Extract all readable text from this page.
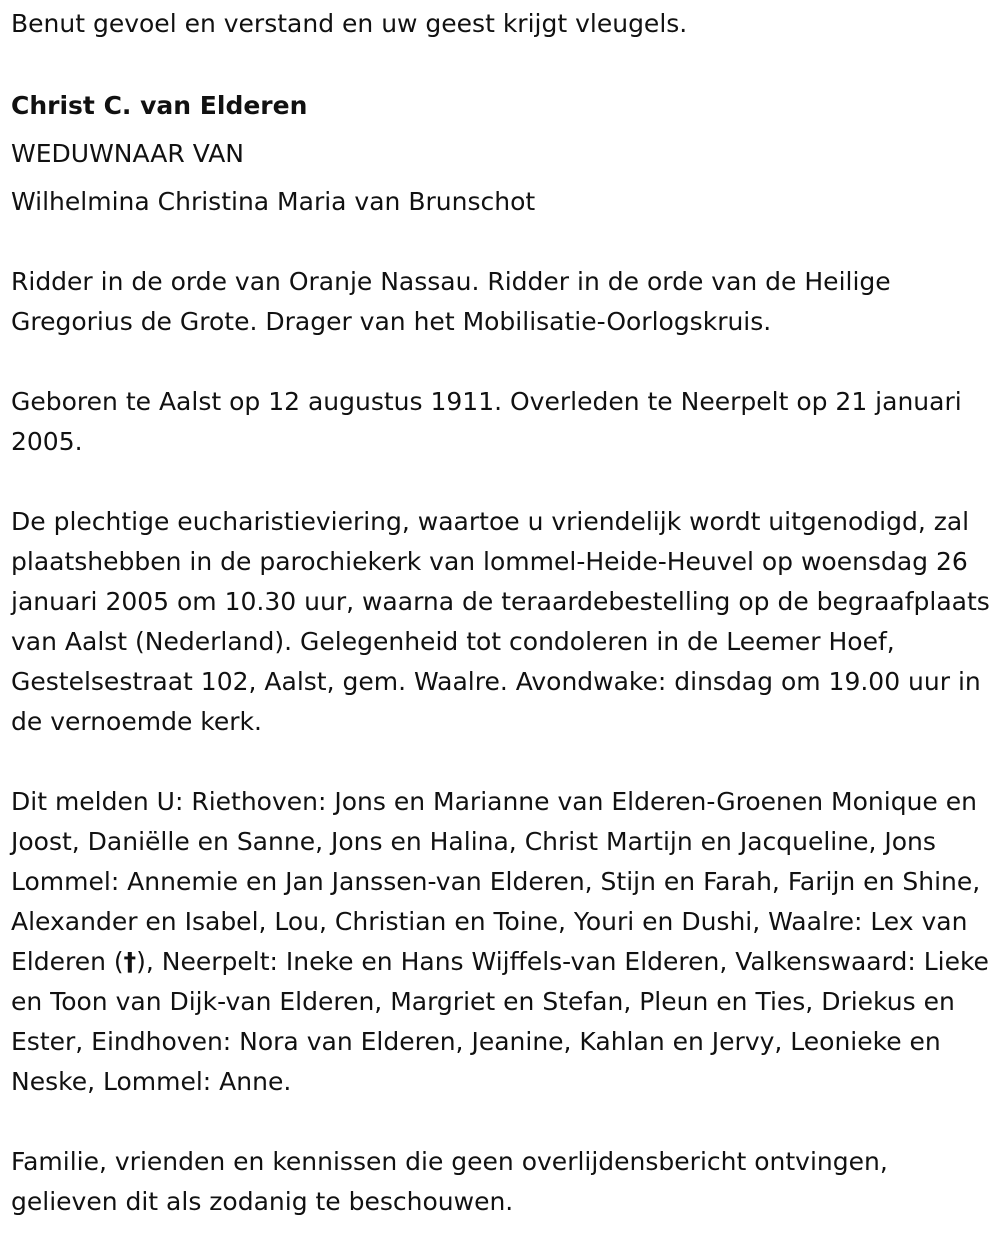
Benut gevoel en verstand en uw geest krijgt vleugels.

Christ C. van Elderen

WEDUWNAAR VAN

Wilhelmina Christina Maria van Brunschot

Ridder in de orde van Oranje Nassau. Ridder in de orde van de Heilige Gregorius de Grote. Drager van het Mobilisatie-Oorlogskruis.

Geboren te Aalst op 12 augustus 1911. Overleden te Neerpelt op 21 januari 2005.

De plechtige eucharistieviering, waartoe u vriendelijk wordt uitgenodigd, zal plaatshebben in de parochiekerk van lommel-Heide-Heuvel op woensdag 26 januari 2005 om 10.30 uur, waarna de teraardebestelling op de begraafplaats van Aalst (Nederland). Gelegenheid tot condoleren in de Leemer Hoef, Gestelsestraat 102, Aalst, gem. Waalre. Avondwake: dinsdag om 19.00 uur in de vernoemde kerk.

Dit melden U: Riethoven: Jons en Marianne van Elderen-Groenen Monique en Joost, Daniëlle en Sanne, Jons en Halina, Christ Martijn en Jacqueline, Jons Lommel: Annemie en Jan Janssen-van Elderen, Stijn en Farah, Farijn en Shine, Alexander en Isabel, Lou, Christian en Toine, Youri en Dushi, Waalre: Lex van Elderen (†), Neerpelt: Ineke en Hans Wijffels-van Elderen, Valkenswaard: Lieke en Toon van Dijk-van Elderen, Margriet en Stefan, Pleun en Ties, Driekus en Ester, Eindhoven: Nora van Elderen, Jeanine, Kahlan en Jervy, Leonieke en Neske, Lommel: Anne.

Familie, vrienden en kennissen die geen overlijdensbericht ontvingen, gelieven dit als zodanig te beschouwen.
